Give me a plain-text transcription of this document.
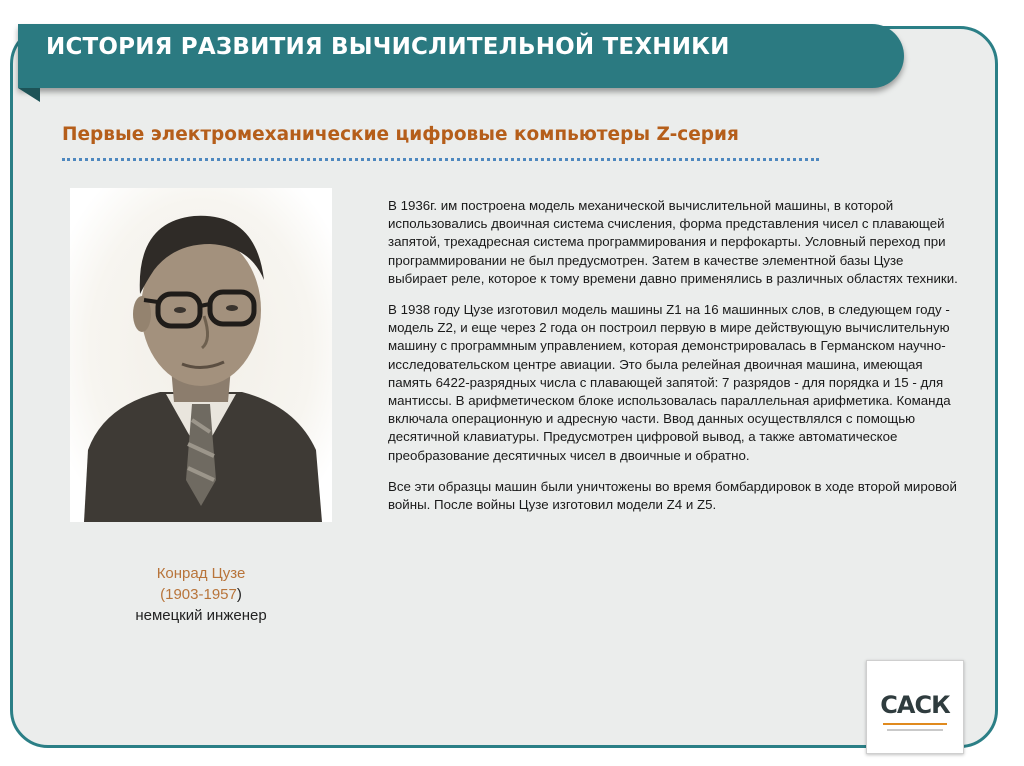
ИСТОРИЯ РАЗВИТИЯ ВЫЧИСЛИТЕЛЬНОЙ ТЕХНИКИ
Первые электромеханические цифровые компьютеры Z-серия
Конрад Цузе
(1903-1957)
немецкий инженер

В 1936г. им построена модель механической вычислительной машины, в которой использовались двоичная система счисления, форма представления чисел с плавающей запятой, трехадресная система программирования и перфокарты. Условный переход при программировании не был предусмотрен. Затем в качестве элементной базы Цузе выбирает реле, которое к тому времени давно применялись в различных областях техники.

В 1938 году Цузе изготовил модель машины Z1 на 16 машинных слов, в следующем году - модель Z2, и еще через 2 года он построил первую в мире действующую вычислительную машину с программным управлением, которая демонстрировалась в Германском научно-исследовательском центре авиации. Это была релейная двоичная машина, имеющая память 6422-разрядных числа с плавающей запятой: 7 разрядов - для порядка и 15 - для мантиссы. В арифметическом блоке использовалась параллельная арифметика. Команда включала операционную и адресную части. Ввод данных осуществлялся с помощью десятичной клавиатуры. Предусмотрен цифровой вывод, а также автоматическое преобразование десятичных чисел в двоичные и обратно.

Все эти образцы машин были уничтожены во время бомбардировок в ходе второй мировой войны. После войны Цузе изготовил модели Z4 и Z5.

САСК
